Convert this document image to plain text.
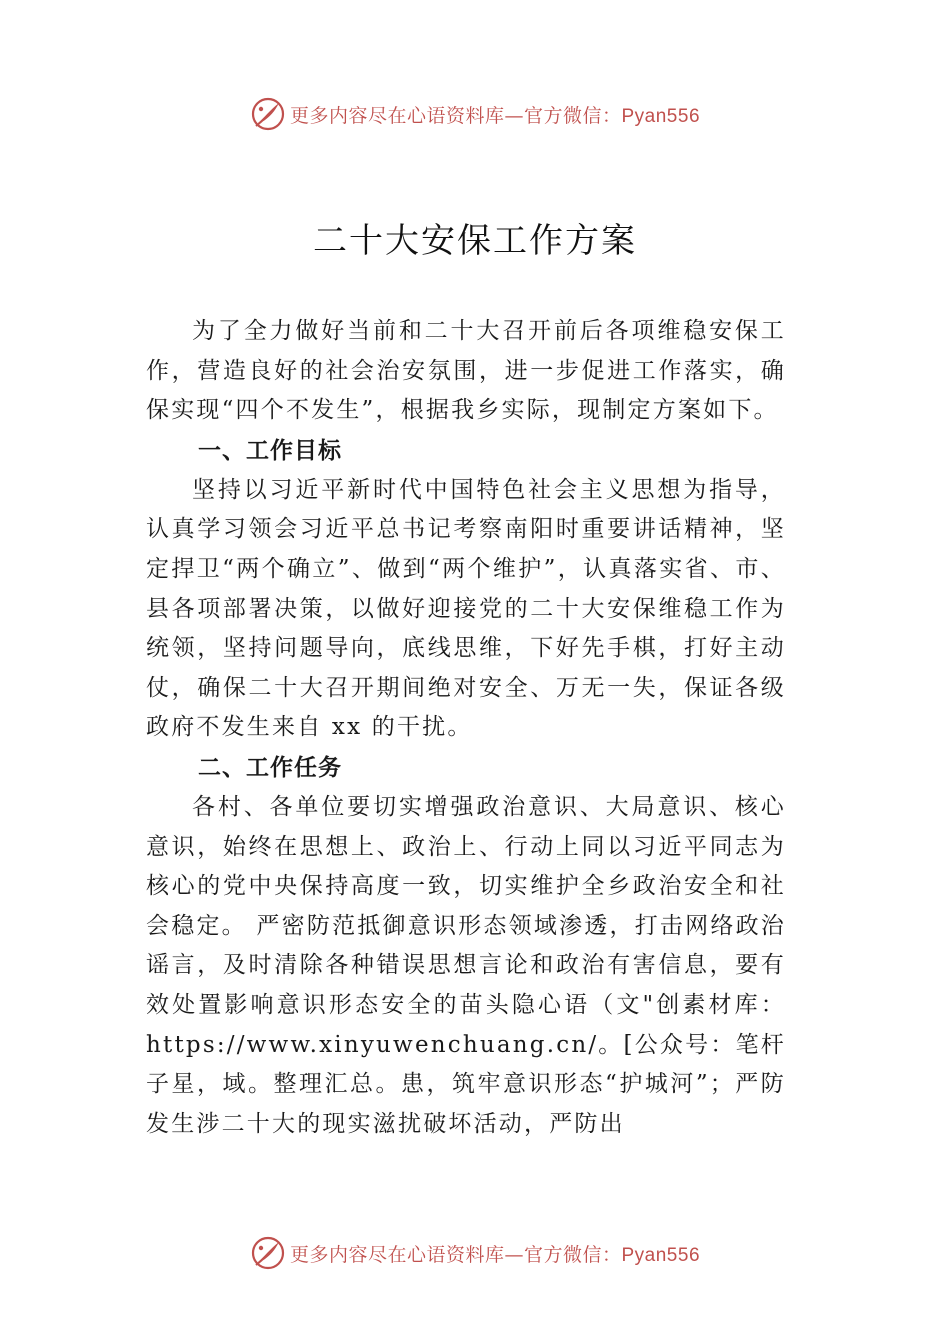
更多内容尽在心语资料库—官方微信：Pyan556
二十大安保工作方案

为了全力做好当前和二十大召开前后各项维稳安保工作，营造良好的社会治安氛围，进一步促进工作落实，确保实现“四个不发生”，根据我乡实际，现制定方案如下。

一、工作目标

坚持以习近平新时代中国特色社会主义思想为指导，认真学习领会习近平总书记考察南阳时重要讲话精神，坚定捍卫“两个确立”、做到“两个维护”，认真落实省、市、县各项部署决策，以做好迎接党的二十大安保维稳工作为统领，坚持问题导向，底线思维，下好先手棋，打好主动仗，确保二十大召开期间绝对安全、万无一失，保证各级政府不发生来自 xx 的干扰。

二、工作任务

各村、各单位要切实增强政治意识、大局意识、核心意识，始终在思想上、政治上、行动上同以习近平同志为核心的党中央保持高度一致，切实维护全乡政治安全和社会稳定。 严密防范抵御意识形态领域渗透，打击网络政治谣言，及时清除各种错误思想言论和政治有害信息，要有效处置影响意识形态安全的苗头隐心语（文"创素材库：https://www.xinyuwenchuang.cn/。[公众号：笔杆子星，域。整理汇总。患，筑牢意识形态“护城河”；严防发生涉二十大的现实滋扰破坏活动，严防出

更多内容尽在心语资料库—官方微信：Pyan556
